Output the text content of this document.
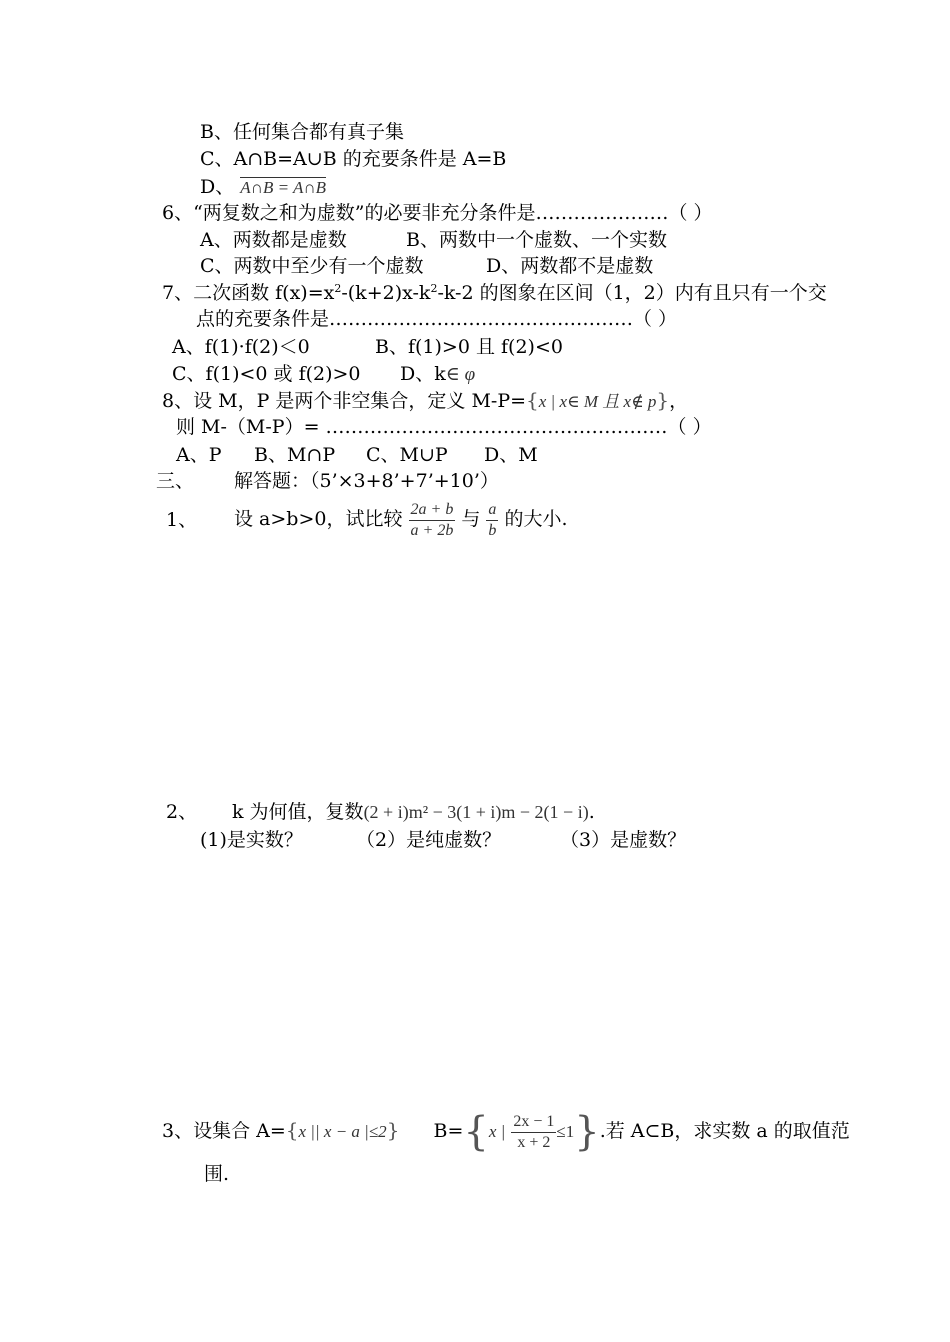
B、任何集合都有真子集
C、A∩B=A∪B 的充要条件是 A=B
D、 A∩B = A∩B
6、“两复数之和为虚数”的必要非充分条件是…………………（ ）
A、两数都是虚数	B、两数中一个虚数、一个实数
C、两数中至少有一个虚数	D、两数都不是虚数
7、二次函数 $f(x)=x^2-(k+2)x-k^2-k-2$ 的图象在区间（1，2）内有且只有一个交
点的充要条件是…………………………………………（ ）
A、f(1)·f(2)＜0	B、f(1)>0 且 f(2)<0
C、f(1)<0 或 f(2)>0 D、k∈ φ
8、设 M，P 是两个非空集合，定义 M-P={x | x∈ M 且 x∉ p}，
则 M-（M-P）= ………………………………………………（ ）
A、P B、M∩P C、M∪P D、M
三、 解答题：（5’×3+8’+7’+10’）
1、 设 a>b>0，试比较 $\frac{2a + b}{a + 2b}$ 与 $\frac{a}{b}$ 的大小.
2、 k 为何值，复数(2 + i)m² − 3(1 + i)m − 2(1 − i).
(1)是实数？	（2）是纯虚数？	（3）是虚数？
3、设集合 A={x || x − a |≤2} B={x | $\frac{2x - 1}{x + 2} \le 1$}.若 A⊂B，求实数 a 的取值范
围.
